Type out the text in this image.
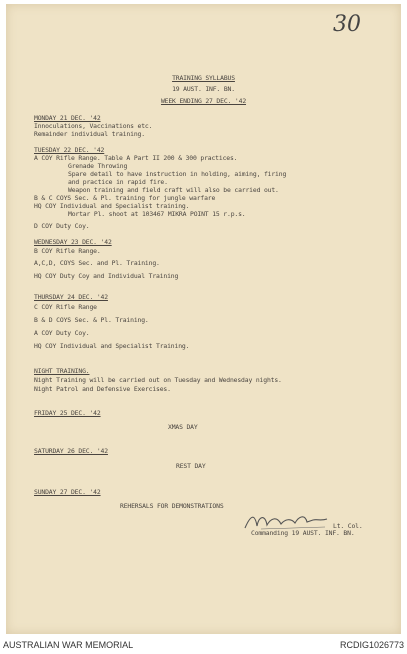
30
TRAINING SYLLABUS
19 AUST. INF. BN.
WEEK ENDING 27 DEC. '42
MONDAY 21 DEC. '42
Innoculations, Vaccinations etc.
Remainder individual training.
TUESDAY 22 DEC. '42
A COY Rifle Range. Table A Part II 200 & 300 practices.
Grenade Throwing
Spare detail to have instruction in holding, aiming, firing
and practice in rapid fire.
Weapon training and field craft will also be carried out.
B & C COYS Sec. & Pl. training for jungle warfare
HQ COY Individual and Specialist training.
Mortar Pl. shoot at 103467 MIKRA POINT 15 r.p.s.
D COY Duty Coy.
WEDNESDAY 23 DEC. '42
B COY Rifle Range.
A,C,D, COYS Sec. and Pl. Training.
HQ COY Duty Coy and Individual Training
THURSDAY 24 DEC. '42
C COY Rifle Range
B & D COYS Sec. & Pl. Training.
A COY Duty Coy.
HQ COY Individual and Specialist Training.
NIGHT TRAINING.
Night Training will be carried out on Tuesday and Wednesday nights.
Night Patrol and Defensive Exercises.
FRIDAY 25 DEC. '42
XMAS DAY
SATURDAY 26 DEC. '42
REST DAY
SUNDAY 27 DEC. '42
REHERSALS FOR DEMONSTRATIONS
Lt. Col.
Commanding 19 AUST. INF. BN.
AUSTRALIAN WAR MEMORIAL	RCDIG1026773
